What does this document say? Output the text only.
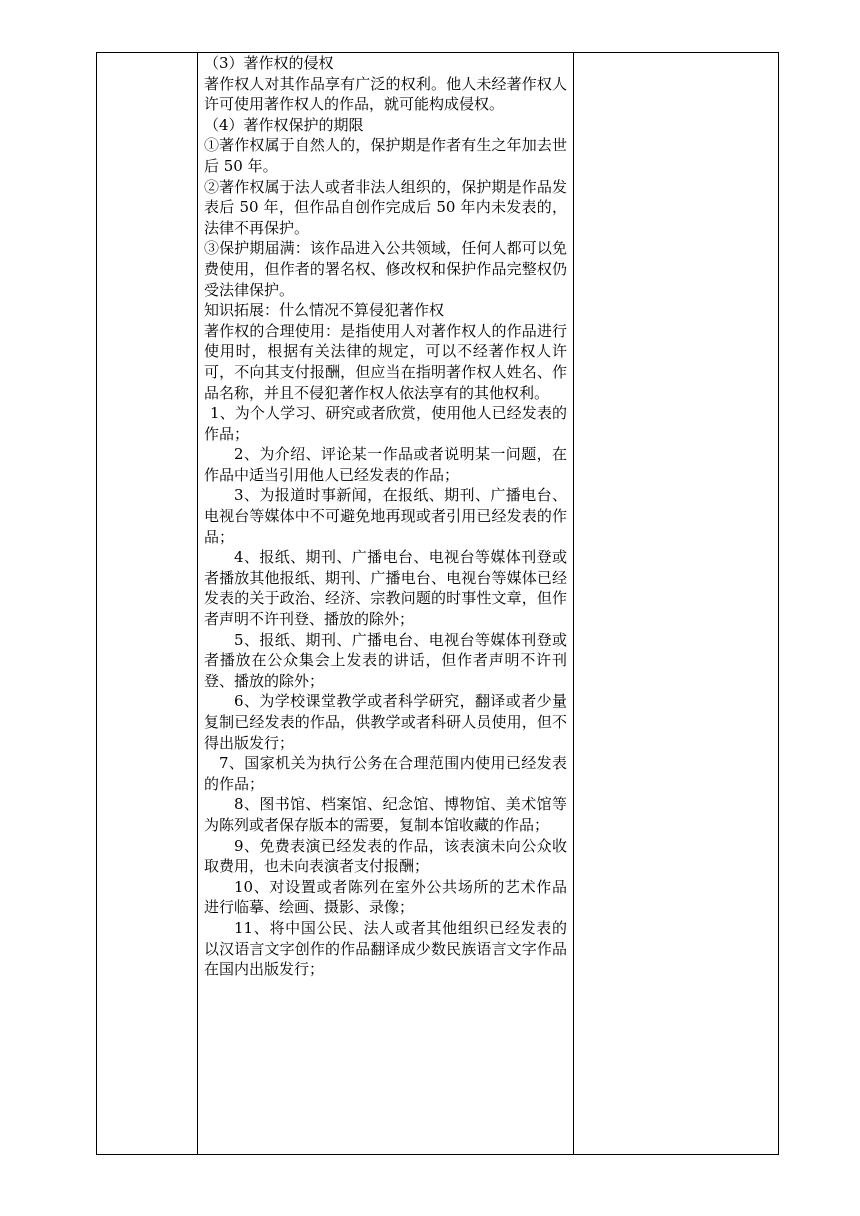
（3）著作权的侵权

著作权人对其作品享有广泛的权利。他人未经著作权人许可使用著作权人的作品，就可能构成侵权。

（4）著作权保护的期限

①著作权属于自然人的，保护期是作者有生之年加去世后 50 年。

②著作权属于法人或者非法人组织的，保护期是作品发表后 50 年，但作品自创作完成后 50 年内未发表的，法律不再保护。

③保护期届满：该作品进入公共领域，任何人都可以免费使用，但作者的署名权、修改权和保护作品完整权仍受法律保护。

知识拓展：什么情况不算侵犯著作权

著作权的合理使用：是指使用人对著作权人的作品进行使用时，根据有关法律的规定，可以不经著作权人许可，不向其支付报酬，但应当在指明著作权人姓名、作品名称，并且不侵犯著作权人依法享有的其他权利。

1、为个人学习、研究或者欣赏，使用他人已经发表的作品；

2、为介绍、评论某一作品或者说明某一问题，在作品中适当引用他人已经发表的作品；

3、为报道时事新闻，在报纸、期刊、广播电台、电视台等媒体中不可避免地再现或者引用已经发表的作品；

4、报纸、期刊、广播电台、电视台等媒体刊登或者播放其他报纸、期刊、广播电台、电视台等媒体已经发表的关于政治、经济、宗教问题的时事性文章，但作者声明不许刊登、播放的除外；

5、报纸、期刊、广播电台、电视台等媒体刊登或者播放在公众集会上发表的讲话，但作者声明不许刊登、播放的除外；

6、为学校课堂教学或者科学研究，翻译或者少量复制已经发表的作品，供教学或者科研人员使用，但不得出版发行；

7、国家机关为执行公务在合理范围内使用已经发表的作品；

8、图书馆、档案馆、纪念馆、博物馆、美术馆等为陈列或者保存版本的需要，复制本馆收藏的作品；

9、免费表演已经发表的作品，该表演未向公众收取费用，也未向表演者支付报酬；

10、对设置或者陈列在室外公共场所的艺术作品进行临摹、绘画、摄影、录像；

11、将中国公民、法人或者其他组织已经发表的以汉语言文字创作的作品翻译成少数民族语言文字作品在国内出版发行；
